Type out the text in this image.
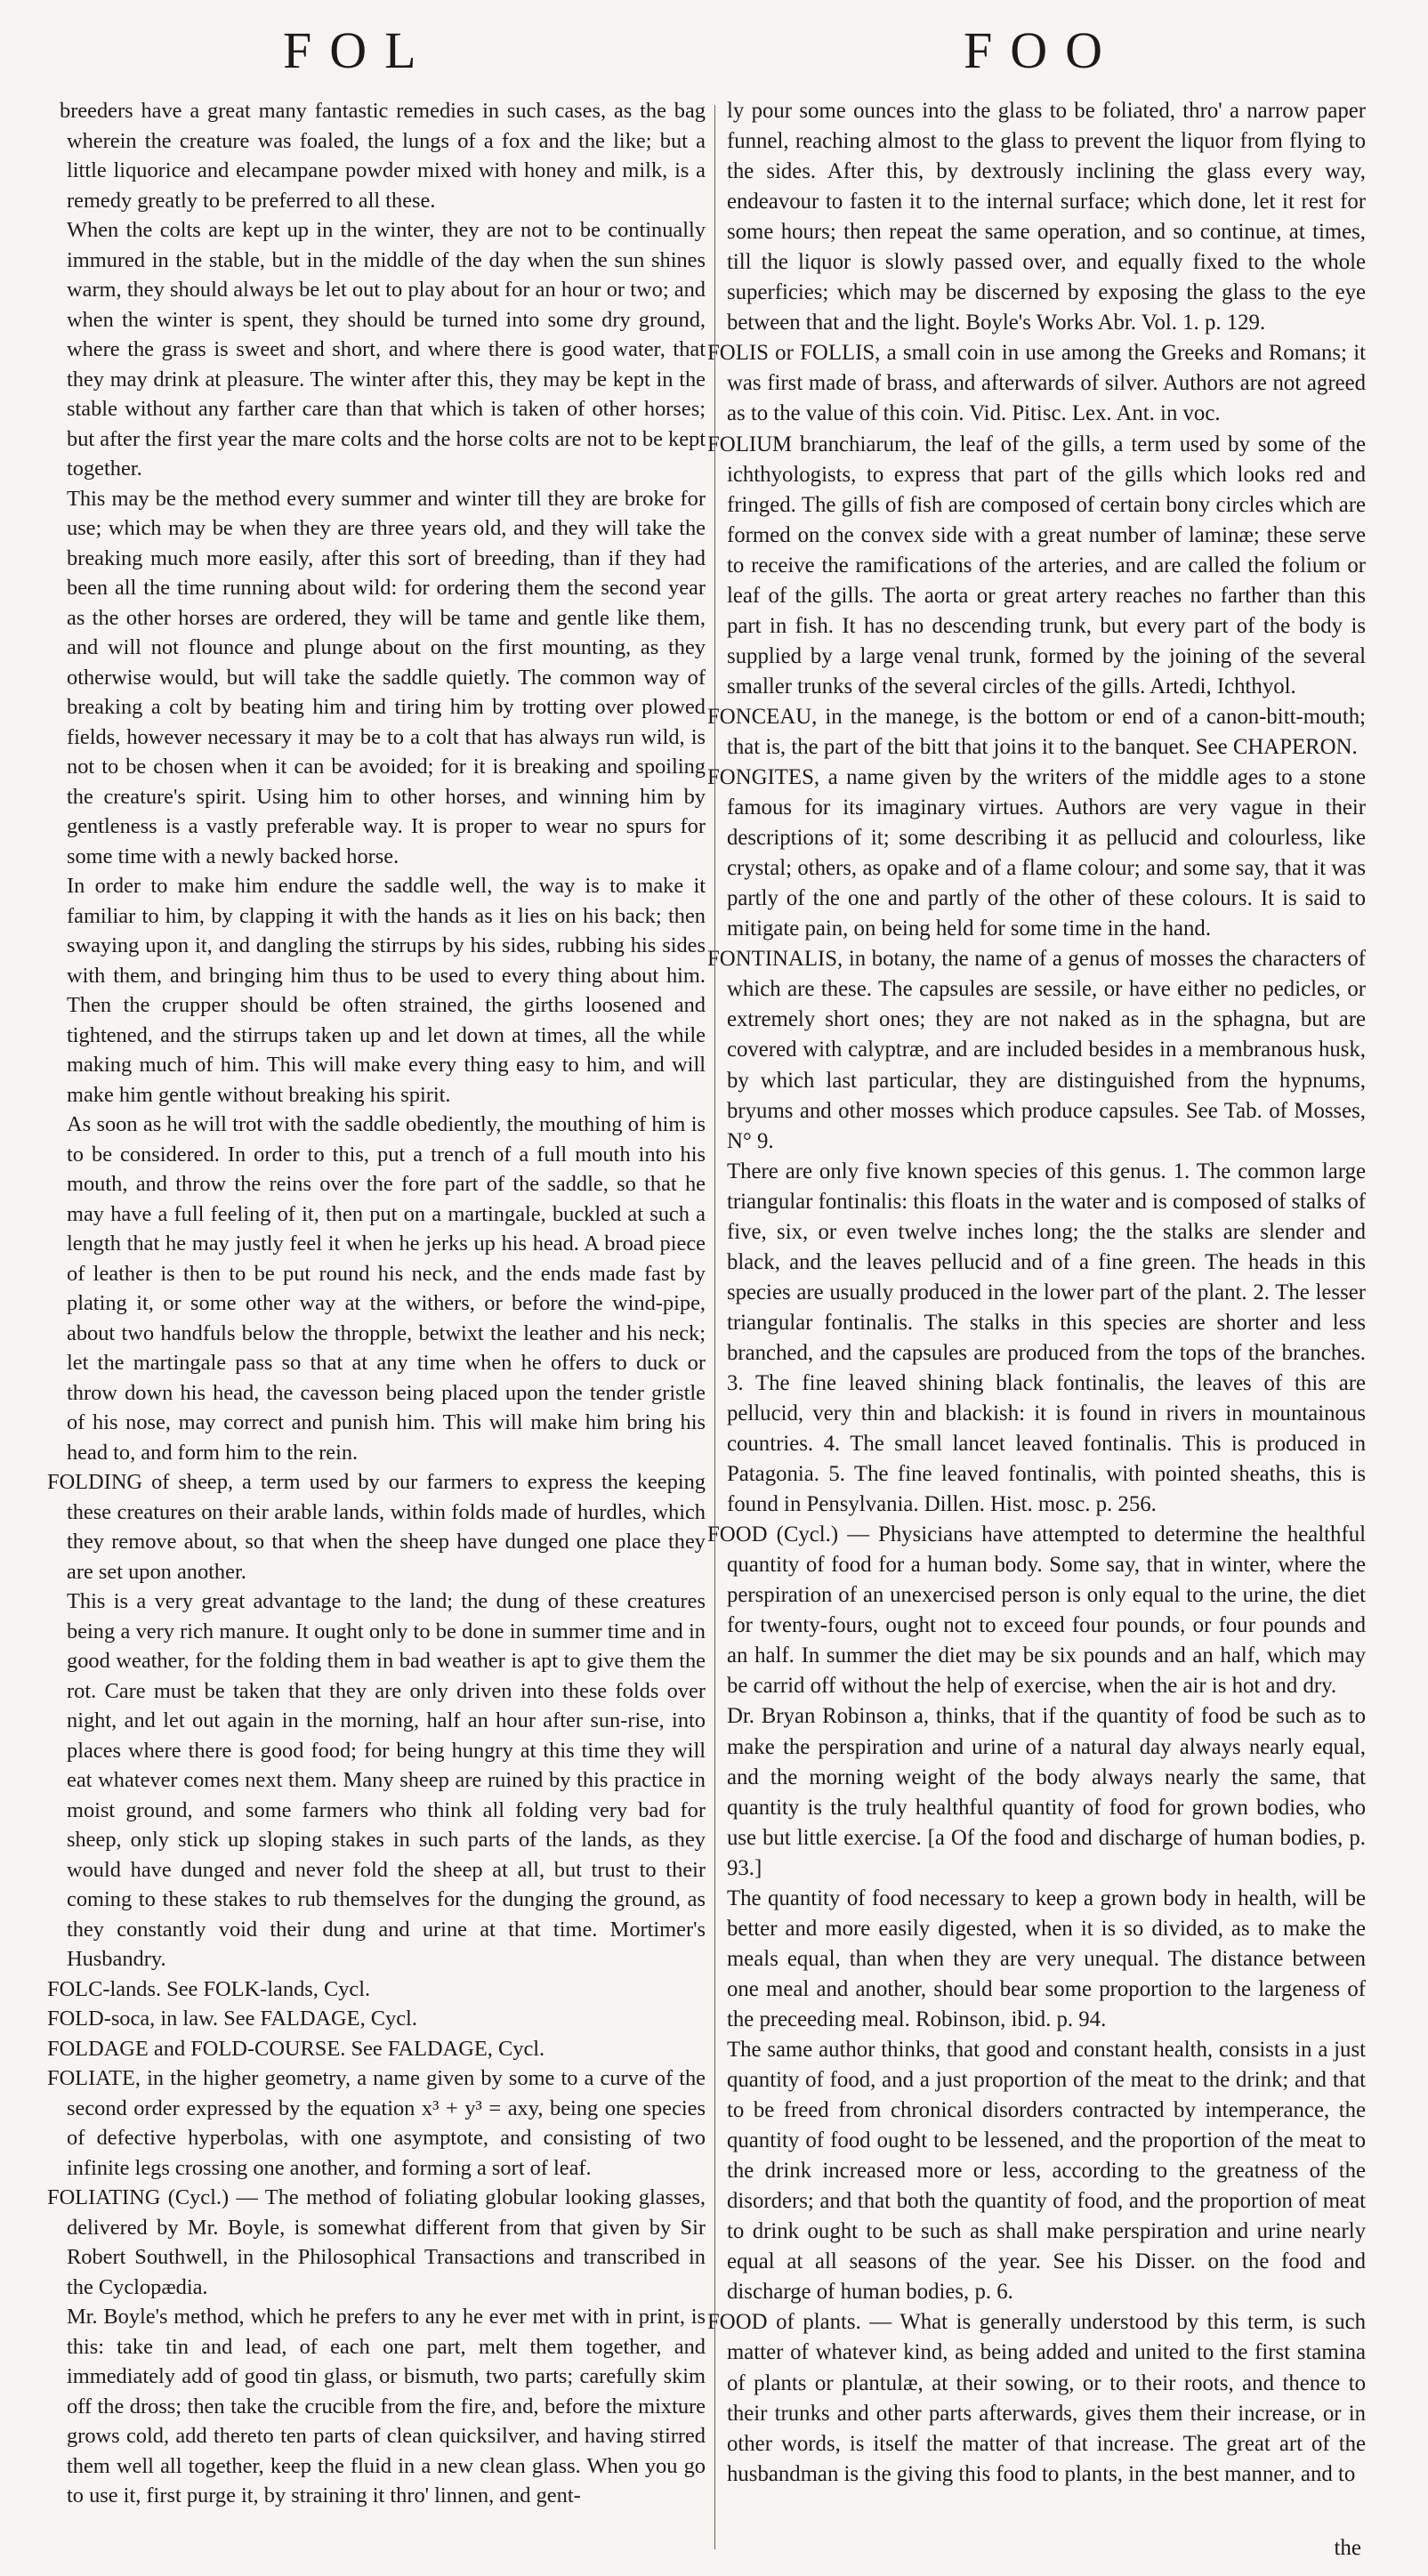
FOL	FOO

breeders have a great many fantastic remedies in such cases, as the bag wherein the creature was foaled, the lungs of a fox and the like; but a little liquorice and elecampane powder mixed with honey and milk, is a remedy greatly to be preferred to all these.

When the colts are kept up in the winter, they are not to be continually immured in the stable, but in the middle of the day when the sun shines warm, they should always be let out to play about for an hour or two; and when the winter is spent, they should be turned into some dry ground, where the grass is sweet and short, and where there is good water, that they may drink at pleasure. The winter after this, they may be kept in the stable without any farther care than that which is taken of other horses; but after the first year the mare colts and the horse colts are not to be kept together.

This may be the method every summer and winter till they are broke for use; which may be when they are three years old, and they will take the breaking much more easily, after this sort of breeding, than if they had been all the time running about wild: for ordering them the second year as the other horses are ordered, they will be tame and gentle like them, and will not flounce and plunge about on the first mounting, as they otherwise would, but will take the saddle quietly. The common way of breaking a colt by beating him and tiring him by trotting over plowed fields, however necessary it may be to a colt that has always run wild, is not to be chosen when it can be avoided; for it is breaking and spoiling the creature's spirit. Using him to other horses, and winning him by gentleness is a vastly preferable way. It is proper to wear no spurs for some time with a newly backed horse.

In order to make him endure the saddle well, the way is to make it familiar to him, by clapping it with the hands as it lies on his back; then swaying upon it, and dangling the stirrups by his sides, rubbing his sides with them, and bringing him thus to be used to every thing about him. Then the crupper should be often strained, the girths loosened and tightened, and the stirrups taken up and let down at times, all the while making much of him. This will make every thing easy to him, and will make him gentle without breaking his spirit.

As soon as he will trot with the saddle obediently, the mouthing of him is to be considered. In order to this, put a trench of a full mouth into his mouth, and throw the reins over the fore part of the saddle, so that he may have a full feeling of it, then put on a martingale, buckled at such a length that he may justly feel it when he jerks up his head. A broad piece of leather is then to be put round his neck, and the ends made fast by plating it, or some other way at the withers, or before the wind-pipe, about two handfuls below the thropple, betwixt the leather and his neck; let the martingale pass so that at any time when he offers to duck or throw down his head, the cavesson being placed upon the tender gristle of his nose, may correct and punish him. This will make him bring his head to, and form him to the rein.

FOLDING of sheep, a term used by our farmers to express the keeping these creatures on their arable lands, within folds made of hurdles, which they remove about, so that when the sheep have dunged one place they are set upon another.

This is a very great advantage to the land; the dung of these creatures being a very rich manure. It ought only to be done in summer time and in good weather, for the folding them in bad weather is apt to give them the rot. Care must be taken that they are only driven into these folds over night, and let out again in the morning, half an hour after sun-rise, into places where there is good food; for being hungry at this time they will eat whatever comes next them. Many sheep are ruined by this practice in moist ground, and some farmers who think all folding very bad for sheep, only stick up sloping stakes in such parts of the lands, as they would have dunged and never fold the sheep at all, but trust to their coming to these stakes to rub themselves for the dunging the ground, as they constantly void their dung and urine at that time. Mortimer's Husbandry.

FOLC-lands. See FOLK-lands, Cycl.

FOLD-soca, in law. See FALDAGE, Cycl.

FOLDAGE and FOLD-COURSE. See FALDAGE, Cycl.

FOLIATE, in the higher geometry, a name given by some to a curve of the second order expressed by the equation x³ + y³ = axy, being one species of defective hyperbolas, with one asymptote, and consisting of two infinite legs crossing one another, and forming a sort of leaf.

FOLIATING (Cycl.) — The method of foliating globular looking glasses, delivered by Mr. Boyle, is somewhat different from that given by Sir Robert Southwell, in the Philosophical Transactions and transcribed in the Cyclopædia.

Mr. Boyle's method, which he prefers to any he ever met with in print, is this: take tin and lead, of each one part, melt them together, and immediately add of good tin glass, or bismuth, two parts; carefully skim off the dross; then take the crucible from the fire, and, before the mixture grows cold, add thereto ten parts of clean quicksilver, and having stirred them well all together, keep the fluid in a new clean glass. When you go to use it, first purge it, by straining it thro' linnen, and gent-

ly pour some ounces into the glass to be foliated, thro' a narrow paper funnel, reaching almost to the glass to prevent the liquor from flying to the sides. After this, by dextrously inclining the glass every way, endeavour to fasten it to the internal surface; which done, let it rest for some hours; then repeat the same operation, and so continue, at times, till the liquor is slowly passed over, and equally fixed to the whole superficies; which may be discerned by exposing the glass to the eye between that and the light. Boyle's Works Abr. Vol. 1. p. 129.

FOLIS or FOLLIS, a small coin in use among the Greeks and Romans; it was first made of brass, and afterwards of silver. Authors are not agreed as to the value of this coin. Vid. Pitisc. Lex. Ant. in voc.

FOLIUM branchiarum, the leaf of the gills, a term used by some of the ichthyologists, to express that part of the gills which looks red and fringed. The gills of fish are composed of certain bony circles which are formed on the convex side with a great number of laminæ; these serve to receive the ramifications of the arteries, and are called the folium or leaf of the gills. The aorta or great artery reaches no farther than this part in fish. It has no descending trunk, but every part of the body is supplied by a large venal trunk, formed by the joining of the several smaller trunks of the several circles of the gills. Artedi, Ichthyol.

FONCEAU, in the manege, is the bottom or end of a canon-bitt-mouth; that is, the part of the bitt that joins it to the banquet. See CHAPERON.

FONGITES, a name given by the writers of the middle ages to a stone famous for its imaginary virtues. Authors are very vague in their descriptions of it; some describing it as pellucid and colourless, like crystal; others, as opake and of a flame colour; and some say, that it was partly of the one and partly of the other of these colours. It is said to mitigate pain, on being held for some time in the hand.

FONTINALIS, in botany, the name of a genus of mosses the characters of which are these. The capsules are sessile, or have either no pedicles, or extremely short ones; they are not naked as in the sphagna, but are covered with calyptræ, and are included besides in a membranous husk, by which last particular, they are distinguished from the hypnums, bryums and other mosses which produce capsules. See Tab. of Mosses, N° 9.

There are only five known species of this genus. 1. The common large triangular fontinalis: this floats in the water and is composed of stalks of five, six, or even twelve inches long; the the stalks are slender and black, and the leaves pellucid and of a fine green. The heads in this species are usually produced in the lower part of the plant. 2. The lesser triangular fontinalis. The stalks in this species are shorter and less branched, and the capsules are produced from the tops of the branches. 3. The fine leaved shining black fontinalis, the leaves of this are pellucid, very thin and blackish: it is found in rivers in mountainous countries. 4. The small lancet leaved fontinalis. This is produced in Patagonia. 5. The fine leaved fontinalis, with pointed sheaths, this is found in Pensylvania. Dillen. Hist. mosc. p. 256.

FOOD (Cycl.) — Physicians have attempted to determine the healthful quantity of food for a human body. Some say, that in winter, where the perspiration of an unexercised person is only equal to the urine, the diet for twenty-fours, ought not to exceed four pounds, or four pounds and an half. In summer the diet may be six pounds and an half, which may be carrid off without the help of exercise, when the air is hot and dry.

Dr. Bryan Robinson a, thinks, that if the quantity of food be such as to make the perspiration and urine of a natural day always nearly equal, and the morning weight of the body always nearly the same, that quantity is the truly healthful quantity of food for grown bodies, who use but little exercise. [a Of the food and discharge of human bodies, p. 93.]

The quantity of food necessary to keep a grown body in health, will be better and more easily digested, when it is so divided, as to make the meals equal, than when they are very unequal. The distance between one meal and another, should bear some proportion to the largeness of the preceeding meal. Robinson, ibid. p. 94.

The same author thinks, that good and constant health, consists in a just quantity of food, and a just proportion of the meat to the drink; and that to be freed from chronical disorders contracted by intemperance, the quantity of food ought to be lessened, and the proportion of the meat to the drink increased more or less, according to the greatness of the disorders; and that both the quantity of food, and the proportion of meat to drink ought to be such as shall make perspiration and urine nearly equal at all seasons of the year. See his Disser. on the food and discharge of human bodies, p. 6.

FOOD of plants. — What is generally understood by this term, is such matter of whatever kind, as being added and united to the first stamina of plants or plantulæ, at their sowing, or to their roots, and thence to their trunks and other parts afterwards, gives them their increase, or in other words, is itself the matter of that increase. The great art of the husbandman is the giving this food to plants, in the best manner, and to

the
